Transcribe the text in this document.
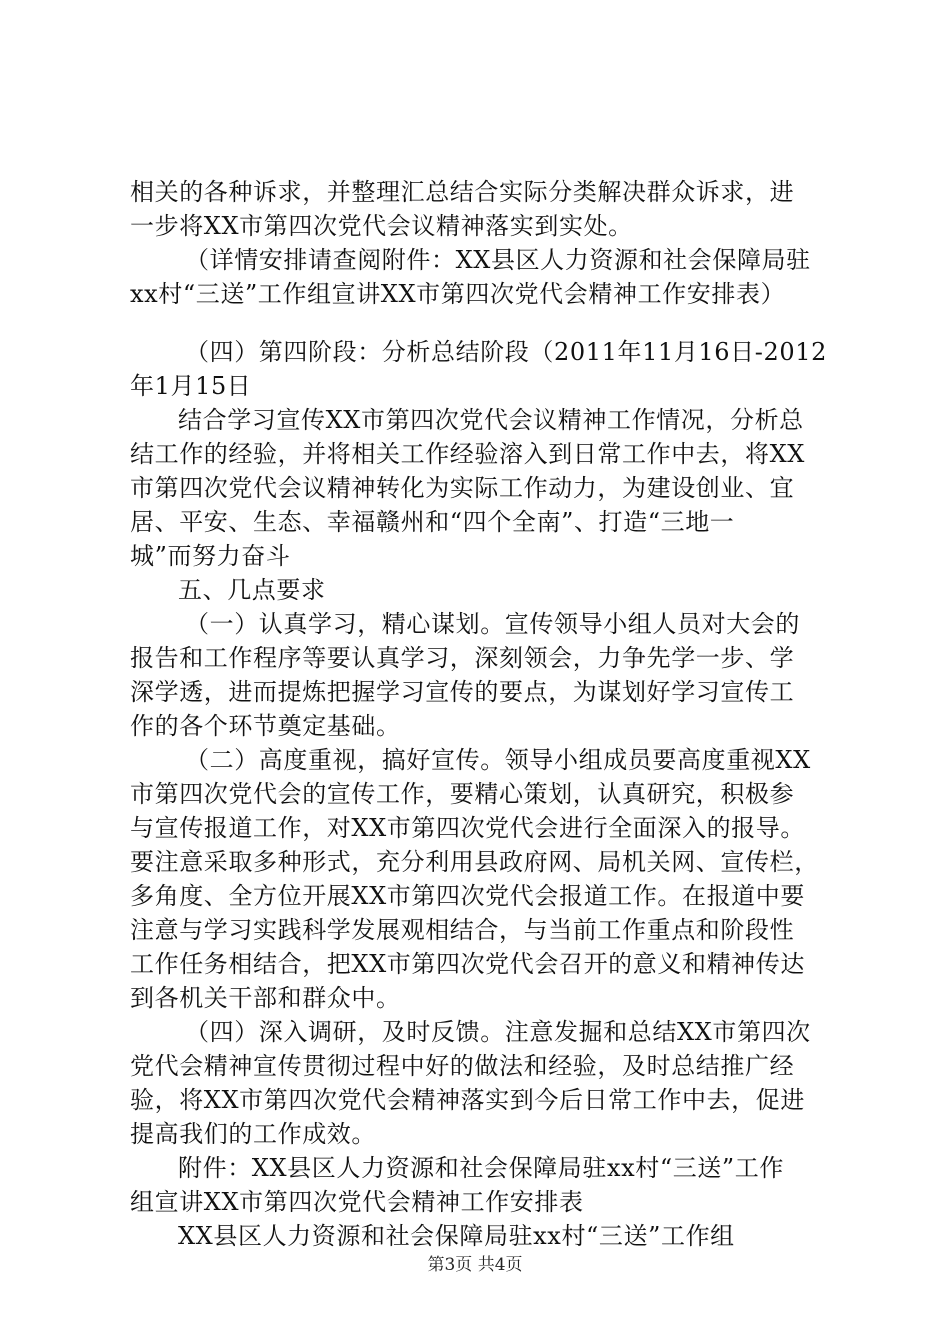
相关的各种诉求，并整理汇总结合实际分类解决群众诉求，进
一步将XX市第四次党代会议精神落实到实处。
（详情安排请查阅附件：XX县区人力资源和社会保障局驻
xx村“三送”工作组宣讲XX市第四次党代会精神工作安排表）
（四）第四阶段：分析总结阶段（2011年11月16日-2012
年1月15日
结合学习宣传XX市第四次党代会议精神工作情况，分析总
结工作的经验，并将相关工作经验溶入到日常工作中去，将XX
市第四次党代会议精神转化为实际工作动力，为建设创业、宜
居、平安、生态、幸福赣州和“四个全南”、打造“三地一
城”而努力奋斗
五、几点要求
（一）认真学习，精心谋划。宣传领导小组人员对大会的
报告和工作程序等要认真学习，深刻领会，力争先学一步、学
深学透，进而提炼把握学习宣传的要点，为谋划好学习宣传工
作的各个环节奠定基础。
（二）高度重视，搞好宣传。领导小组成员要高度重视XX
市第四次党代会的宣传工作，要精心策划，认真研究，积极参
与宣传报道工作，对XX市第四次党代会进行全面深入的报导。
要注意采取多种形式，充分利用县政府网、局机关网、宣传栏，
多角度、全方位开展XX市第四次党代会报道工作。在报道中要
注意与学习实践科学发展观相结合，与当前工作重点和阶段性
工作任务相结合，把XX市第四次党代会召开的意义和精神传达
到各机关干部和群众中。
（四）深入调研，及时反馈。注意发掘和总结XX市第四次
党代会精神宣传贯彻过程中好的做法和经验，及时总结推广经
验，将XX市第四次党代会精神落实到今后日常工作中去，促进
提高我们的工作成效。
附件：XX县区人力资源和社会保障局驻xx村“三送”工作
组宣讲XX市第四次党代会精神工作安排表
XX县区人力资源和社会保障局驻xx村“三送”工作组
第3页 共4页
